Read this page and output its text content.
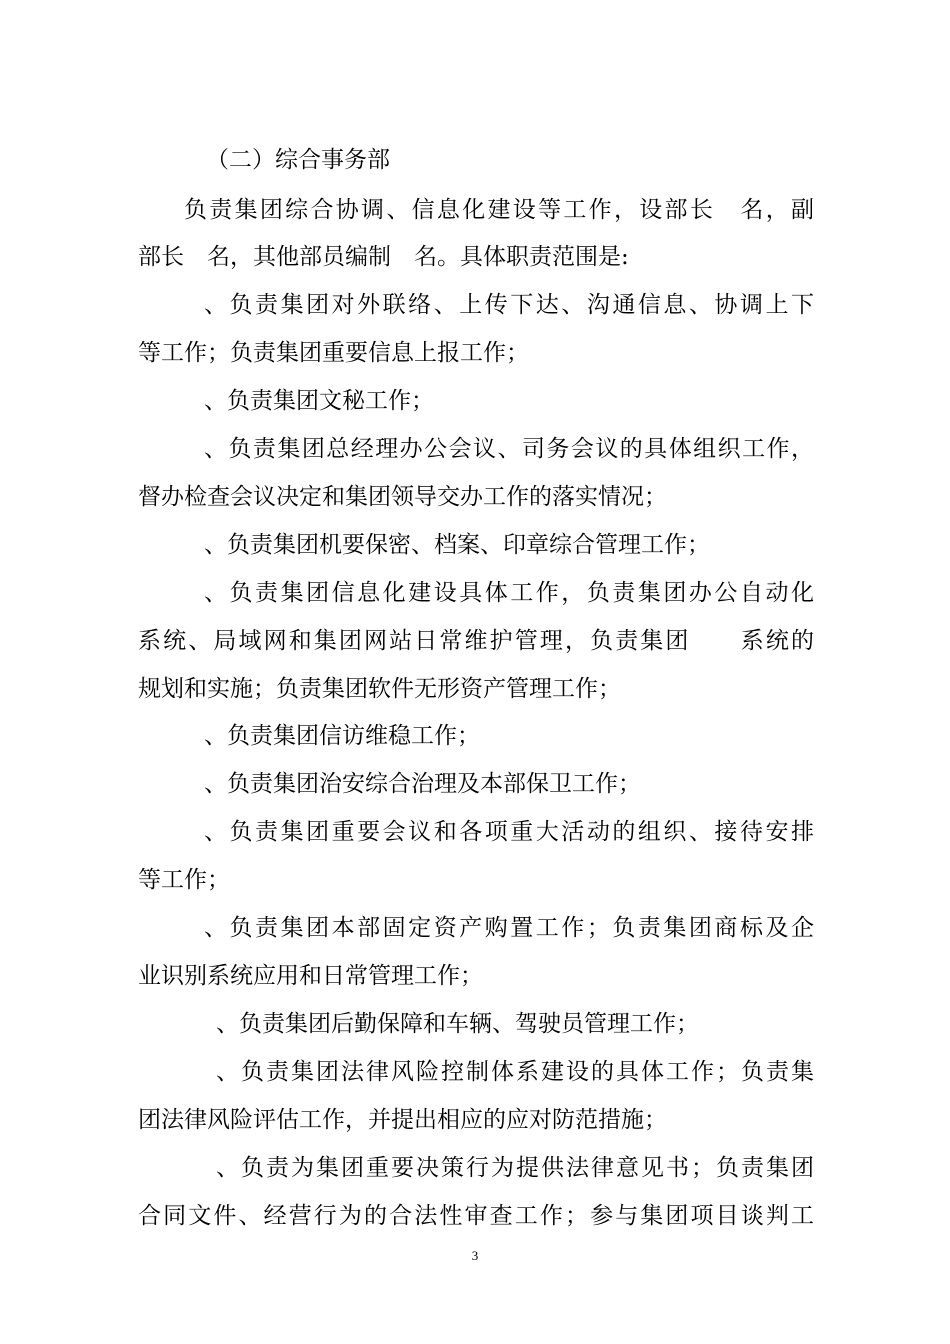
（二）综合事务部
负责集团综合协调、信息化建设等工作，设部长　名，副
部长　名，其他部员编制　名。具体职责范围是:
、负责集团对外联络、上传下达、沟通信息、协调上下
等工作；负责集团重要信息上报工作；
、负责集团文秘工作；
、负责集团总经理办公会议、司务会议的具体组织工作，
督办检查会议决定和集团领导交办工作的落实情况；
、负责集团机要保密、档案、印章综合管理工作；
、负责集团信息化建设具体工作，负责集团办公自动化
系统、局域网和集团网站日常维护管理，负责集团　　系统的
规划和实施；负责集团软件无形资产管理工作；
、负责集团信访维稳工作；
、负责集团治安综合治理及本部保卫工作；
、负责集团重要会议和各项重大活动的组织、接待安排
等工作；
、负责集团本部固定资产购置工作；负责集团商标及企
业识别系统应用和日常管理工作；
、负责集团后勤保障和车辆、驾驶员管理工作；
、负责集团法律风险控制体系建设的具体工作；负责集
团法律风险评估工作，并提出相应的应对防范措施；
、负责为集团重要决策行为提供法律意见书；负责集团
合同文件、经营行为的合法性审查工作；参与集团项目谈判工
3
